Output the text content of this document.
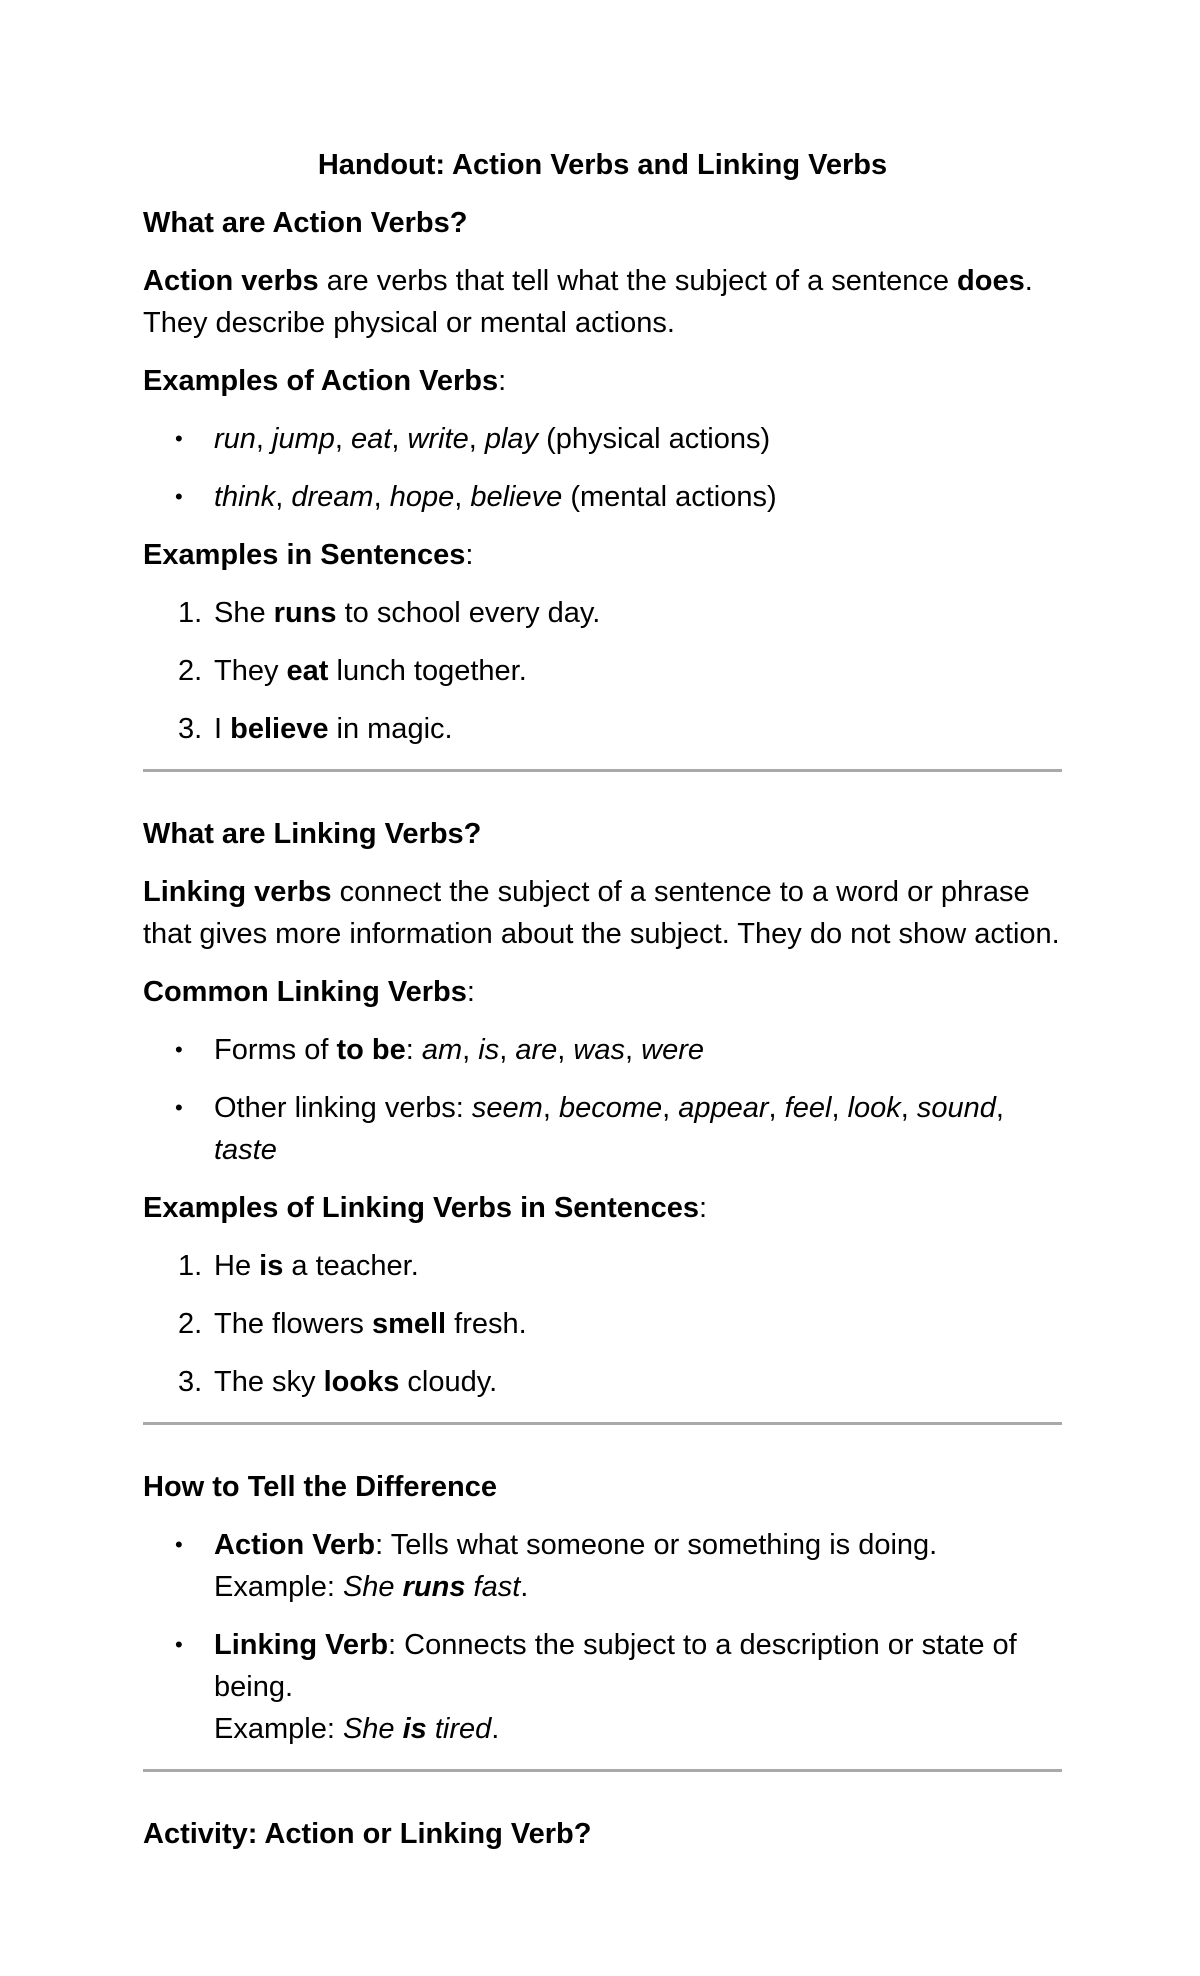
Handout: Action Verbs and Linking Verbs
What are Action Verbs?

Action verbs are verbs that tell what the subject of a sentence does. They describe physical or mental actions.

Examples of Action Verbs:
• run, jump, eat, write, play (physical actions)
• think, dream, hope, believe (mental actions)
Examples in Sentences:
1. She runs to school every day.
2. They eat lunch together.
3. I believe in magic.
What are Linking Verbs?

Linking verbs connect the subject of a sentence to a word or phrase that gives more information about the subject. They do not show action.

Common Linking Verbs:
• Forms of to be: am, is, are, was, were
• Other linking verbs: seem, become, appear, feel, look, sound, taste
Examples of Linking Verbs in Sentences:
1. He is a teacher.
2. The flowers smell fresh.
3. The sky looks cloudy.
How to Tell the Difference
• Action Verb: Tells what someone or something is doing.
Example: She runs fast.
• Linking Verb: Connects the subject to a description or state of being.
Example: She is tired.
Activity: Action or Linking Verb?
